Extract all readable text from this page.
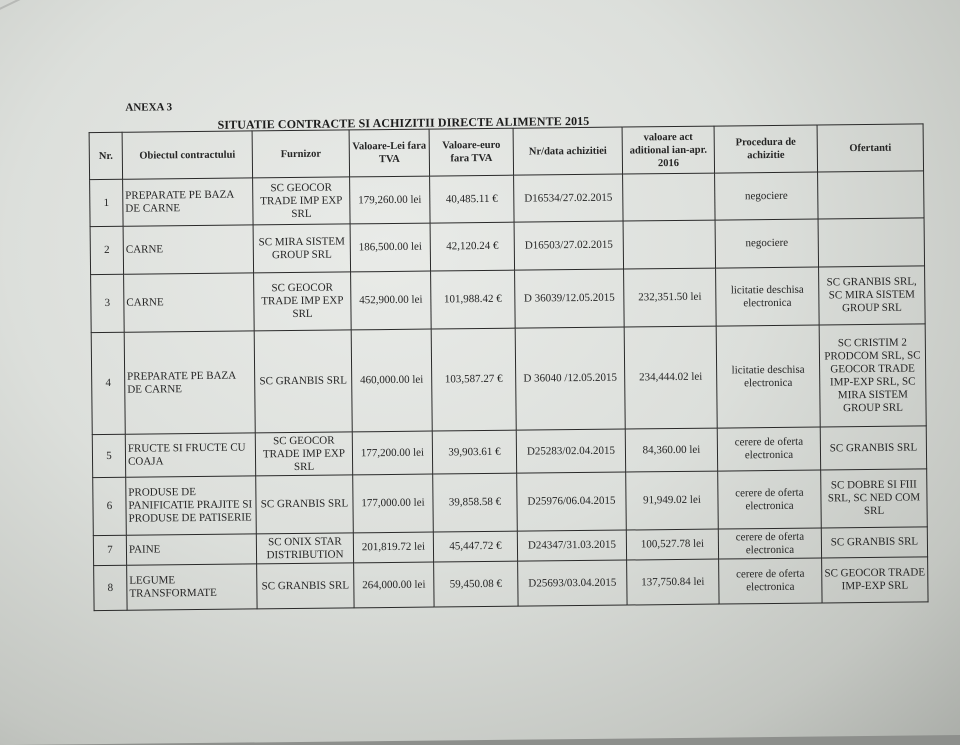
ANEXA 3
SITUATIE CONTRACTE SI ACHIZITII DIRECTE ALIMENTE 2015
Nr.	Obiectul contractului	Furnizor	Valoare-Lei fara TVA	Valoare-euro fara TVA	Nr/data achizitiei	valoare act aditional ian-apr. 2016	Procedura de achizitie	Ofertanti
1	PREPARATE PE BAZA DE CARNE	SC GEOCOR TRADE IMP EXP SRL	179,260.00 lei	40,485.11 €	D16534/27.02.2015		negociere	
2	CARNE	SC MIRA SISTEM GROUP SRL	186,500.00 lei	42,120.24 €	D16503/27.02.2015		negociere	
3	CARNE	SC GEOCOR TRADE IMP EXP SRL	452,900.00 lei	101,988.42 €	D 36039/12.05.2015	232,351.50 lei	licitatie deschisa electronica	SC GRANBIS SRL, SC MIRA SISTEM GROUP SRL
4	PREPARATE PE BAZA DE CARNE	SC GRANBIS SRL	460,000.00 lei	103,587.27 €	D 36040 /12.05.2015	234,444.02 lei	licitatie deschisa electronica	SC CRISTIM 2 PRODCOM SRL, SC GEOCOR TRADE IMP-EXP SRL, SC MIRA SISTEM GROUP SRL
5	FRUCTE SI FRUCTE CU COAJA	SC GEOCOR TRADE IMP EXP SRL	177,200.00 lei	39,903.61 €	D25283/02.04.2015	84,360.00 lei	cerere de oferta electronica	SC GRANBIS SRL
6	PRODUSE DE PANIFICATIE PRAJITE SI PRODUSE DE PATISERIE	SC GRANBIS SRL	177,000.00 lei	39,858.58 €	D25976/06.04.2015	91,949.02 lei	cerere de oferta electronica	SC DOBRE SI FIII SRL, SC NED COM SRL
7	PAINE	SC ONIX STAR DISTRIBUTION	201,819.72 lei	45,447.72 €	D24347/31.03.2015	100,527.78 lei	cerere de oferta electronica	SC GRANBIS SRL
8	LEGUME TRANSFORMATE	SC GRANBIS SRL	264,000.00 lei	59,450.08 €	D25693/03.04.2015	137,750.84 lei	cerere de oferta electronica	SC GEOCOR TRADE IMP-EXP SRL
